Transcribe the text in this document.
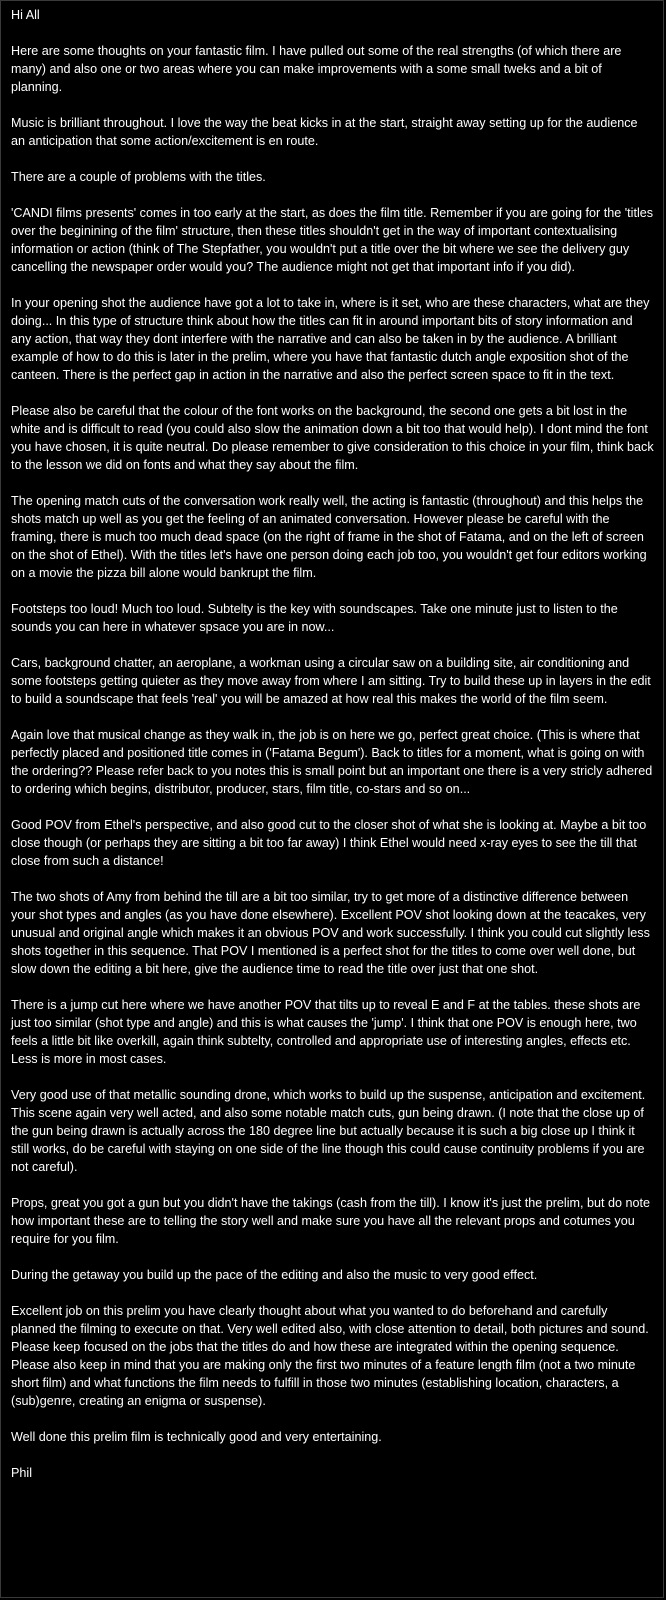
Hi All

Here are some thoughts on your fantastic film. I have pulled out some of the real strengths (of which there are many) and also one or two areas where you can make improvements with a some small tweks and a bit of planning.

Music is brilliant throughout. I love the way the beat kicks in at the start, straight away setting up for the audience an anticipation that some action/excitement is en route.

There are a couple of problems with the titles.

'CANDI films presents' comes in too early at the start, as does the film title. Remember if you are going for the 'titles over the beginining of the film' structure, then these titles shouldn't get in the way of important contextualising information or action (think of The Stepfather, you wouldn't put a title over the bit where we see the delivery guy cancelling the newspaper order would you? The audience might not get that important info if you did).

In your opening shot the audience have got a lot to take in, where is it set, who are these characters, what are they doing... In this type of structure think about how the titles can fit in around important bits of story information and any action, that way they dont interfere with the narrative and can also be taken in by the audience. A brilliant example of how to do this is later in the prelim, where you have that fantastic dutch angle exposition shot of the canteen. There is the perfect gap in action in the narrative and also the perfect screen space to fit in the text.

Please also be careful that the colour of the font works on the background, the second one gets a bit lost in the white and is difficult to read (you could also slow the animation down a bit too that would help). I dont mind the font you have chosen, it is quite neutral. Do please remember to give consideration to this choice in your film, think back to the lesson we did on fonts and what they say about the film.

The opening match cuts of the conversation work really well, the acting is fantastic (throughout) and this helps the shots match up well as you get the feeling of an animated conversation. However please be careful with the framing, there is much too much dead space (on the right of frame in the shot of Fatama, and on the left of screen on the shot of Ethel). With the titles let's have one person doing each job too, you wouldn't get four editors working on a movie the pizza bill alone would bankrupt the film.

Footsteps too loud! Much too loud. Subtelty is the key with soundscapes. Take one minute just to listen to the sounds you can here in whatever spsace you are in now...

Cars, background chatter, an aeroplane, a workman using a circular saw on a building site, air conditioning and some footsteps getting quieter as they move away from where I am sitting. Try to build these up in layers in the edit to build a soundscape that feels 'real' you will be amazed at how real this makes the world of the film seem.

Again love that musical change as they walk in, the job is on here we go, perfect great choice. (This is where that perfectly placed and positioned title comes in ('Fatama Begum'). Back to titles for a moment, what is going on with the ordering?? Please refer back to you notes this is small point but an important one there is a very stricly adhered to ordering which begins, distributor, producer, stars, film title, co-stars and so on...

Good POV from Ethel's perspective, and also good cut to the closer shot of what she is looking at. Maybe a bit too close though (or perhaps they are sitting a bit too far away) I think Ethel would need x-ray eyes to see the till that close from such a distance!

The two shots of Amy from behind the till are a bit too similar, try to get more of a distinctive difference between your shot types and angles (as you have done elsewhere). Excellent POV shot looking down at the teacakes, very unusual and original angle which makes it an obvious POV and work successfully. I think you could cut slightly less shots together in this sequence. That POV I mentioned is a perfect shot for the titles to come over well done, but slow down the editing a bit here, give the audience time to read the title over just that one shot.

There is a jump cut here where we have another POV that tilts up to reveal E and F at the tables. these shots are just too similar (shot type and angle) and this is what causes the 'jump'. I think that one POV is enough here, two feels a little bit like overkill, again think subtelty, controlled and appropriate use of interesting angles, effects etc. Less is more in most cases.

Very good use of that metallic sounding drone, which works to build up the suspense, anticipation and excitement. This scene again very well acted, and also some notable match cuts, gun being drawn. (I note that the close up of the gun being drawn is actually across the 180 degree line but actually because it is such a big close up I think it still works, do be careful with staying on one side of the line though this could cause continuity problems if you are not careful).

Props, great you got a gun but you didn't have the takings (cash from the till). I know it's just the prelim, but do note how important these are to telling the story well and make sure you have all the relevant props and cotumes you require for you film.

During the getaway you build up the pace of the editing and also the music to very good effect.

Excellent job on this prelim you have clearly thought about what you wanted to do beforehand and carefully planned the filming to execute on that. Very well edited also, with close attention to detail, both pictures and sound. Please keep focused on the jobs that the titles do and how these are integrated within the opening sequence. Please also keep in mind that you are making only the first two minutes of a feature length film (not a two minute short film) and what functions the film needs to fulfill in those two minutes (establishing location, characters, a (sub)genre, creating an enigma or suspense).

Well done this prelim film is technically good and very entertaining.

Phil
